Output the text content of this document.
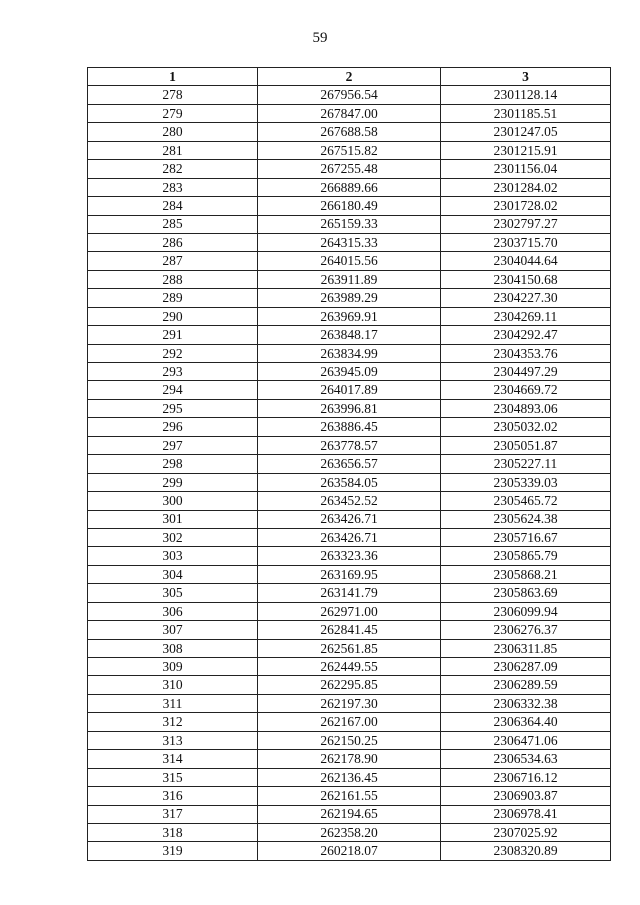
59
1	2	3
278	267956.54	2301128.14
279	267847.00	2301185.51
280	267688.58	2301247.05
281	267515.82	2301215.91
282	267255.48	2301156.04
283	266889.66	2301284.02
284	266180.49	2301728.02
285	265159.33	2302797.27
286	264315.33	2303715.70
287	264015.56	2304044.64
288	263911.89	2304150.68
289	263989.29	2304227.30
290	263969.91	2304269.11
291	263848.17	2304292.47
292	263834.99	2304353.76
293	263945.09	2304497.29
294	264017.89	2304669.72
295	263996.81	2304893.06
296	263886.45	2305032.02
297	263778.57	2305051.87
298	263656.57	2305227.11
299	263584.05	2305339.03
300	263452.52	2305465.72
301	263426.71	2305624.38
302	263426.71	2305716.67
303	263323.36	2305865.79
304	263169.95	2305868.21
305	263141.79	2305863.69
306	262971.00	2306099.94
307	262841.45	2306276.37
308	262561.85	2306311.85
309	262449.55	2306287.09
310	262295.85	2306289.59
311	262197.30	2306332.38
312	262167.00	2306364.40
313	262150.25	2306471.06
314	262178.90	2306534.63
315	262136.45	2306716.12
316	262161.55	2306903.87
317	262194.65	2306978.41
318	262358.20	2307025.92
319	260218.07	2308320.89
